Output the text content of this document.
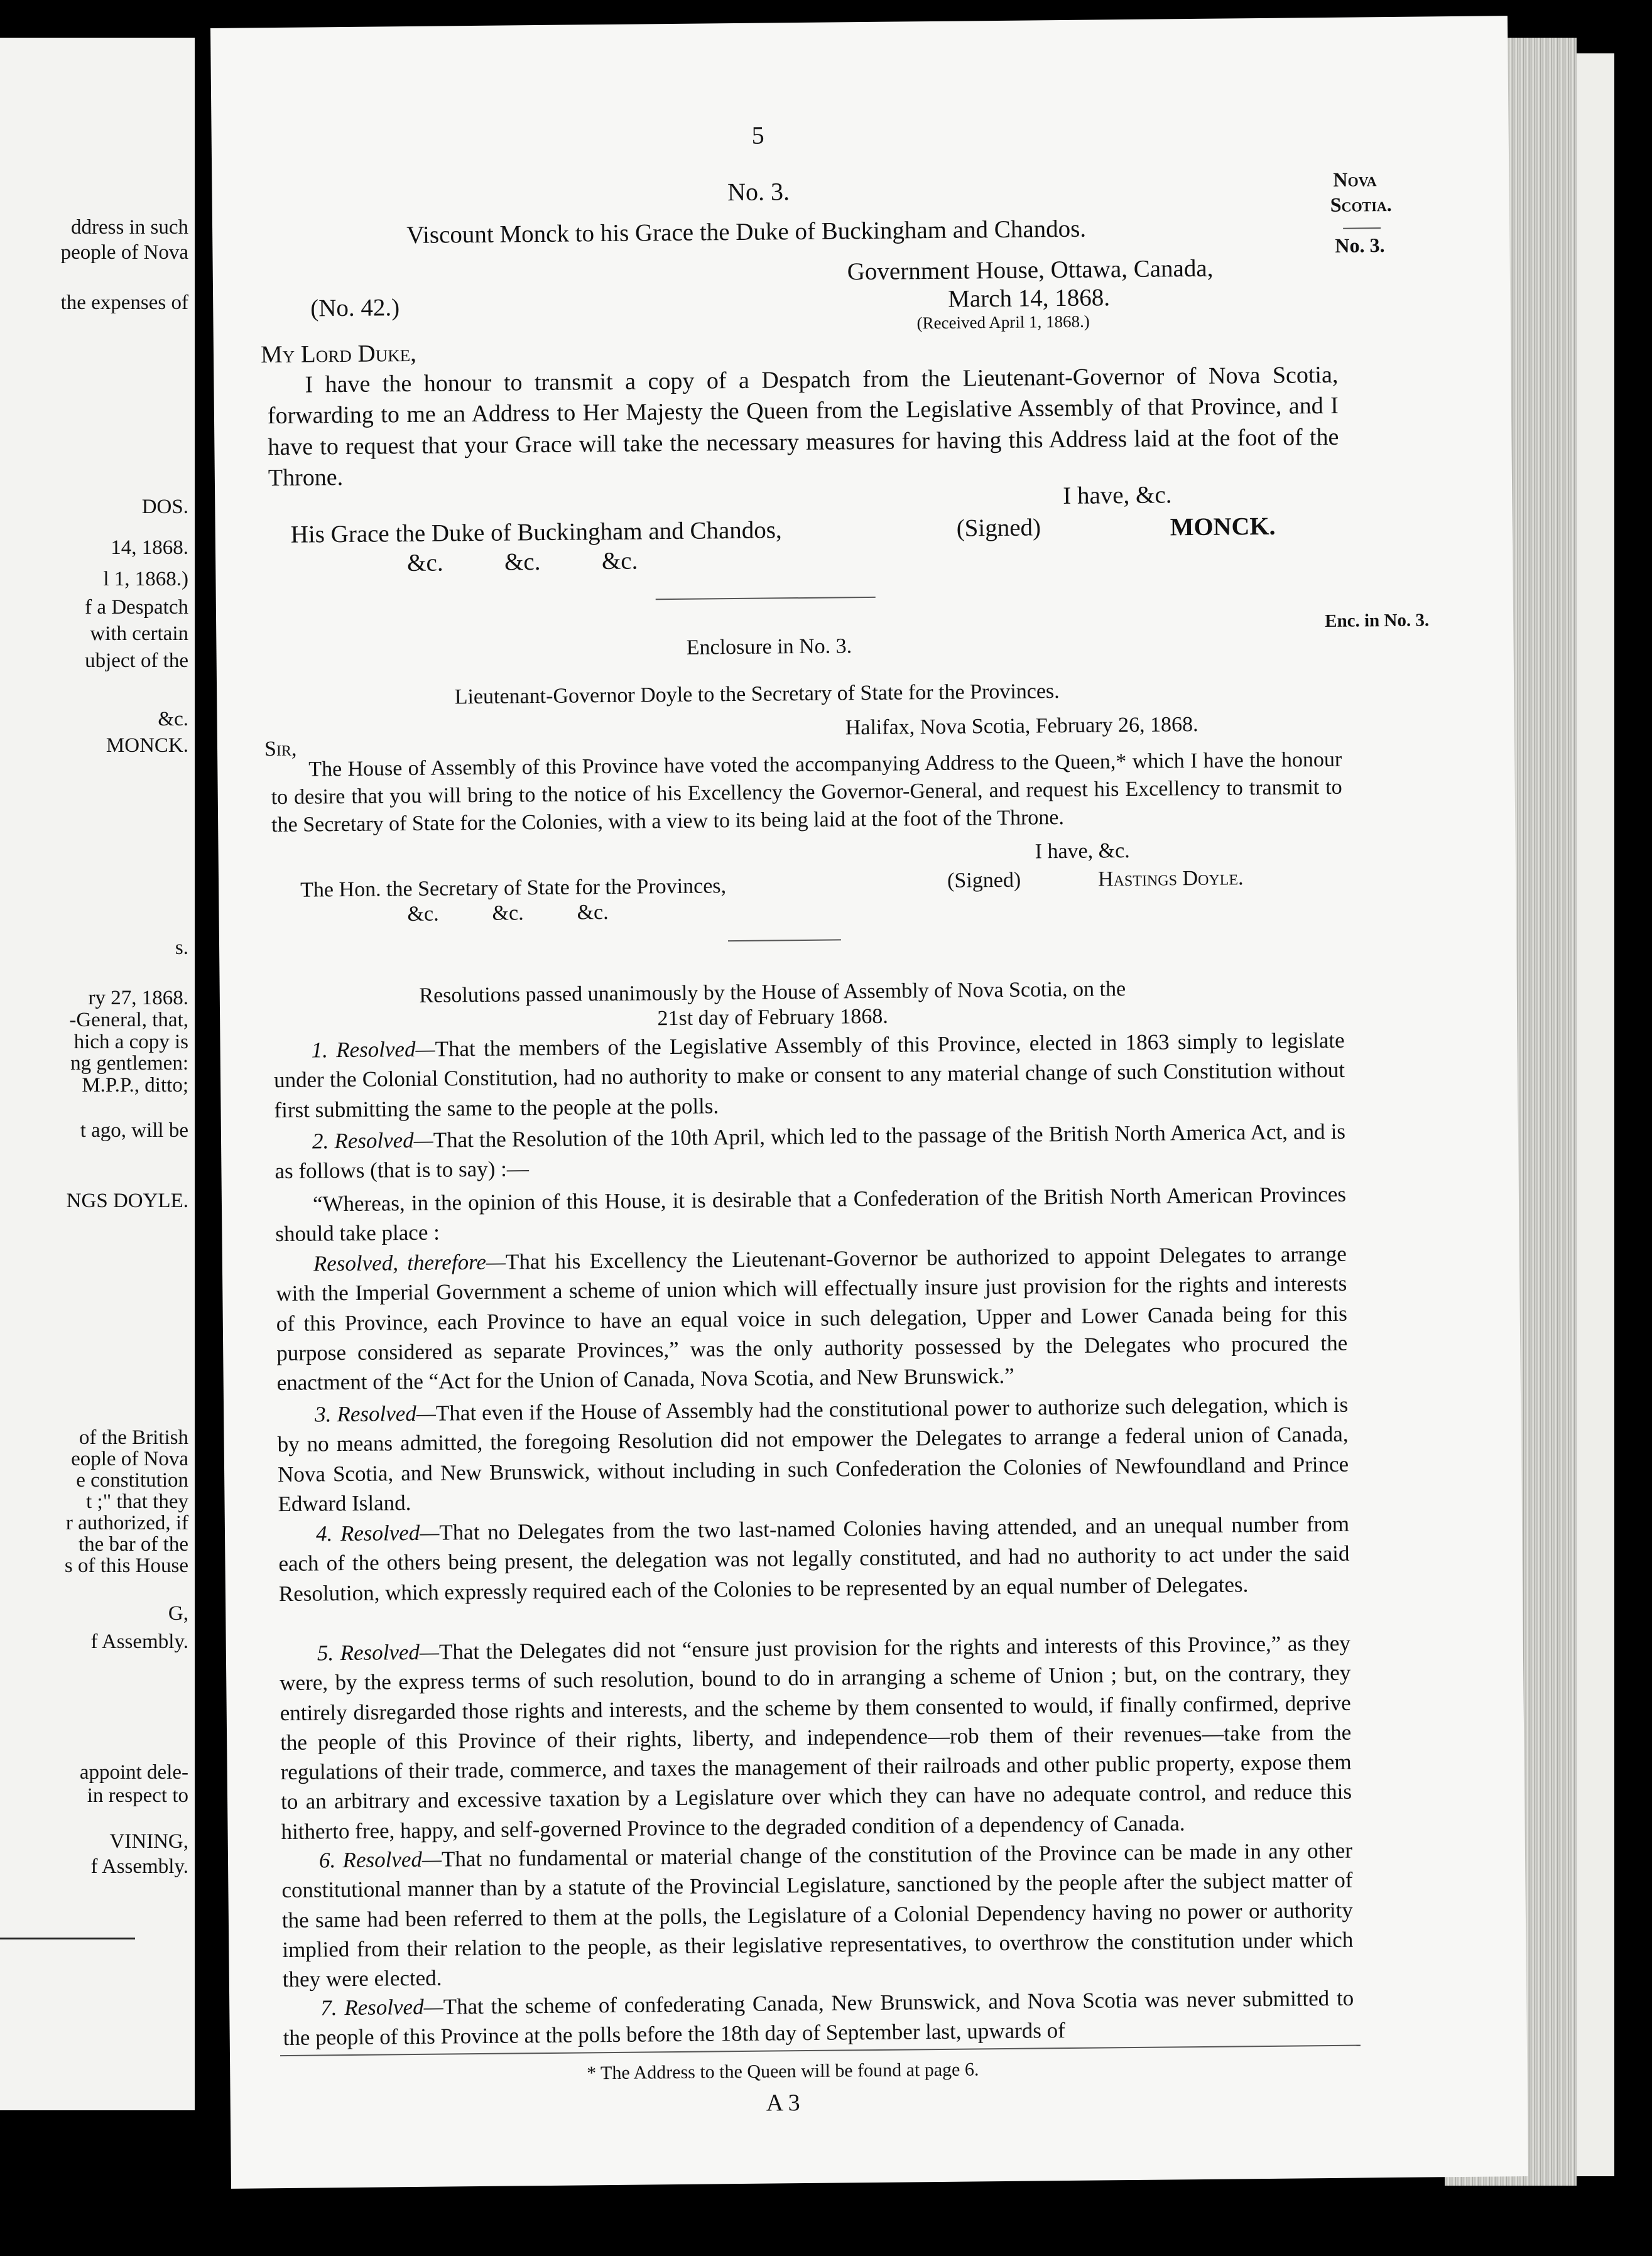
ddress in such
people of Nova
the expenses of
DOS.
14, 1868.
l 1, 1868.)
f a Despatch
with certain
ubject of the
&c.
MONCK.
s.
ry 27, 1868.
-General, that,
hich a copy is
ng gentlemen:
M.P.P., ditto;
t ago, will be
NGS DOYLE.
of the British
eople of Nova
e constitution
t ;" that they
r authorized, if
the bar of the
s of this House
G,
f Assembly.
appoint dele-
in respect to
VINING,
f Assembly.
5
Nova
Scotia.
No. 3.
Enc. in No. 3.
No. 3.
Viscount Monck to his Grace the Duke of Buckingham and Chandos.
Government House, Ottawa, Canada,
(No. 42.)	March 14, 1868.
(Received April 1, 1868.)
My Lord Duke,
I have the honour to transmit a copy of a Despatch from the Lieutenant-Governor of Nova Scotia, forwarding to me an Address to Her Majesty the Queen from the Legislative Assembly of that Province, and I have to request that your Grace will take the necessary measures for having this Address laid at the foot of the Throne.
I have, &c.
His Grace the Duke of Buckingham and Chandos,	(Signed)	MONCK.
&c.          &c.          &c.
Enclosure in No. 3.
Lieutenant-Governor Doyle to the Secretary of State for the Provinces.
Halifax, Nova Scotia, February 26, 1868.
Sir, The House of Assembly of this Province have voted the accompanying Address to the Queen,* which I have the honour to desire that you will bring to the notice of his Excellency the Governor-General, and request his Excellency to transmit to the Secretary of State for the Colonies, with a view to its being laid at the foot of the Throne.
I have, &c.
The Hon. the Secretary of State for the Provinces,	(Signed)	Hastings Doyle.
&c.          &c.          &c.
Resolutions passed unanimously by the House of Assembly of Nova Scotia, on the
21st day of February 1868.
1. Resolved—That the members of the Legislative Assembly of this Province, elected in 1863 simply to legislate under the Colonial Constitution, had no authority to make or consent to any material change of such Constitution without first submitting the same to the people at the polls.
2. Resolved—That the Resolution of the 10th April, which led to the passage of the British North America Act, and is as follows (that is to say) :—
“Whereas, in the opinion of this House, it is desirable that a Confederation of the British North American Provinces should take place :
Resolved, therefore—That his Excellency the Lieutenant-Governor be authorized to appoint Delegates to arrange with the Imperial Government a scheme of union which will effectually insure just provision for the rights and interests of this Province, each Province to have an equal voice in such delegation, Upper and Lower Canada being for this purpose considered as separate Provinces,” was the only authority possessed by the Delegates who procured the enactment of the “Act for the Union of Canada, Nova Scotia, and New Brunswick.”
3. Resolved—That even if the House of Assembly had the constitutional power to authorize such delegation, which is by no means admitted, the foregoing Resolution did not empower the Delegates to arrange a federal union of Canada, Nova Scotia, and New Brunswick, without including in such Confederation the Colonies of Newfoundland and Prince Edward Island.
4. Resolved—That no Delegates from the two last-named Colonies having attended, and an unequal number from each of the others being present, the delegation was not legally constituted, and had no authority to act under the said Resolution, which expressly required each of the Colonies to be represented by an equal number of Delegates.
5. Resolved—That the Delegates did not “ensure just provision for the rights and interests of this Province,” as they were, by the express terms of such resolution, bound to do in arranging a scheme of Union ; but, on the contrary, they entirely disregarded those rights and interests, and the scheme by them consented to would, if finally confirmed, deprive the people of this Province of their rights, liberty, and independence—rob them of their revenues—take from the regulations of their trade, commerce, and taxes the management of their railroads and other public property, expose them to an arbitrary and excessive taxation by a Legislature over which they can have no adequate control, and reduce this hitherto free, happy, and self-governed Province to the degraded condition of a dependency of Canada.
6. Resolved—That no fundamental or material change of the constitution of the Province can be made in any other constitutional manner than by a statute of the Provincial Legislature, sanctioned by the people after the subject matter of the same had been referred to them at the polls, the Legislature of a Colonial Dependency having no power or authority implied from their relation to the people, as their legislative representatives, to overthrow the constitution under which they were elected.
7. Resolved—That the scheme of confederating Canada, New Brunswick, and Nova Scotia was never submitted to the people of this Province at the polls before the 18th day of September last, upwards of
* The Address to the Queen will be found at page 6.
A 3
